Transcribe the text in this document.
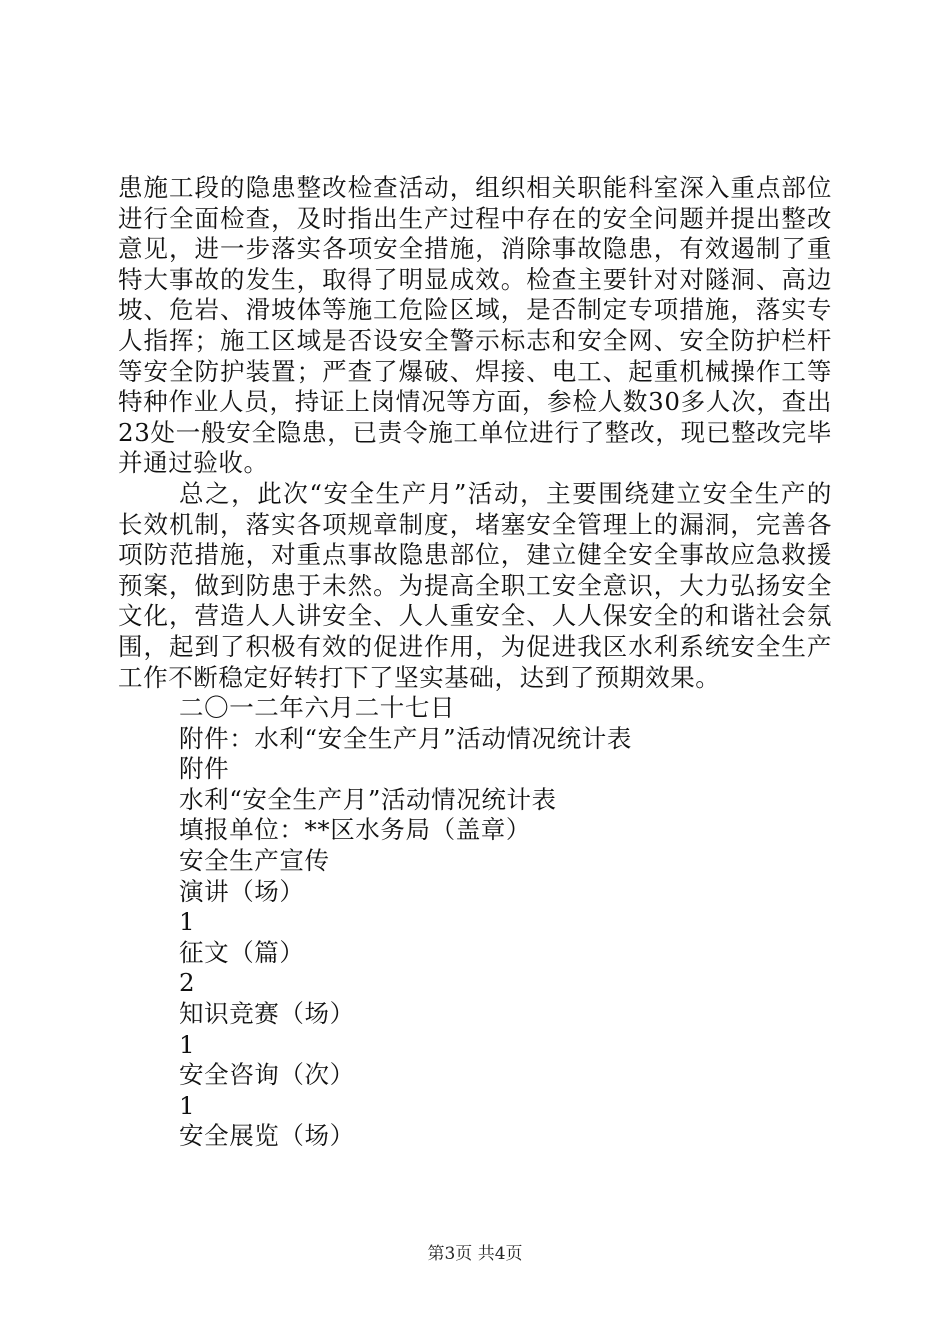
患施工段的隐患整改检查活动，组织相关职能科室深入重点部位进行全面检查，及时指出生产过程中存在的安全问题并提出整改意见，进一步落实各项安全措施，消除事故隐患，有效遏制了重特大事故的发生，取得了明显成效。检查主要针对对隧洞、高边坡、危岩、滑坡体等施工危险区域，是否制定专项措施，落实专人指挥；施工区域是否设安全警示标志和安全网、安全防护栏杆等安全防护装置；严查了爆破、焊接、电工、起重机械操作工等特种作业人员，持证上岗情况等方面，参检人数30多人次，查出23处一般安全隐患，已责令施工单位进行了整改，现已整改完毕并通过验收。

总之，此次“安全生产月”活动，主要围绕建立安全生产的长效机制，落实各项规章制度，堵塞安全管理上的漏洞，完善各项防范措施，对重点事故隐患部位，建立健全安全事故应急救援预案，做到防患于未然。为提高全职工安全意识，大力弘扬安全文化，营造人人讲安全、人人重安全、人人保安全的和谐社会氛围，起到了积极有效的促进作用，为促进我区水利系统安全生产工作不断稳定好转打下了坚实基础，达到了预期效果。

二〇一二年六月二十七日

附件：水利“安全生产月”活动情况统计表

附件

水利“安全生产月”活动情况统计表

填报单位：**区水务局（盖章）

安全生产宣传

演讲（场）

1

征文（篇）

2

知识竞赛（场）

1

安全咨询（次）

1

安全展览（场）

第3页 共4页
